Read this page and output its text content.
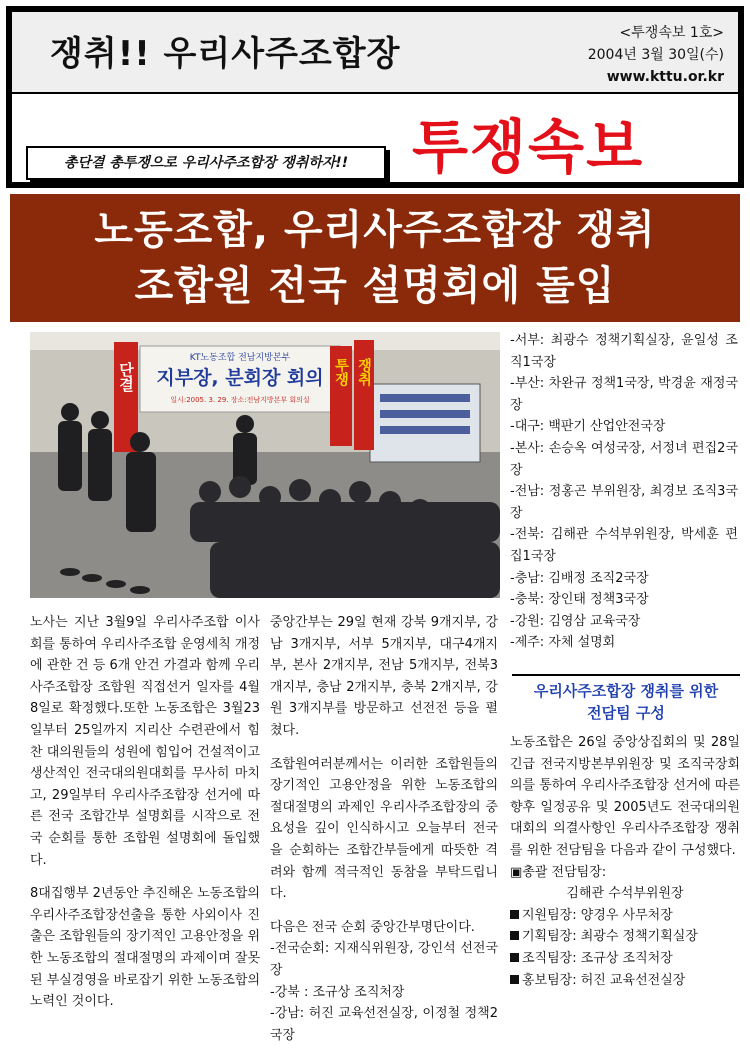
쟁취!! 우리사주조합장
<투쟁속보 1호>
2004년 3월 30일(수)
www.kttu.or.kr
투쟁속보
총단결 총투쟁으로 우리사주조합장 쟁취하자!!
노동조합, 우리사주조합장 쟁취
조합원 전국 설명회에 돌입
KT노동조합 전남지방본부
지부장, 분회장 회의
일시:2005. 3. 29. 장소:전남지방본부 회의실
단결	투쟁 쟁취

노사는 지난 3월9일 우리사주조합 이사회를 통하여 우리사주조합 운영세칙 개정에 관한 건 등 6개 안건 가결과 함께 우리사주조합장 조합원 직접선거 일자를 4월 8일로 확정했다.또한 노동조합은 3월23일부터 25일까지 지리산 수련관에서 힘찬 대의원들의 성원에 힘입어 건설적이고 생산적인 전국대의원대회를 무사히 마치고, 29일부터 우리사주조합장 선거에 따른 전국 조합간부 설명회를 시작으로 전국 순회를 통한 조합원 설명회에 돌입했다.

8대집행부 2년동안 추진해온 노동조합의 우리사주조합장선출을 통한 사외이사 진출은 조합원들의 장기적인 고용안정을 위한 노동조합의 절대절명의 과제이며 잘못된 부실경영을 바로잡기 위한 노동조합의 노력인 것이다.

중앙간부는 29일 현재 강북 9개지부, 강남 3개지부, 서부 5개지부, 대구4개지부, 본사 2개지부, 전남 5개지부, 전북3개지부, 충남 2개지부, 충북 2개지부, 강원 3개지부를 방문하고 선전전 등을 펼쳤다.

조합원여러분께서는 이러한 조합원들의 장기적인 고용안정을 위한 노동조합의 절대절명의 과제인 우리사주조합장의 중요성을 깊이 인식하시고 오늘부터 전국을 순회하는 조합간부들에게 따뜻한 격려와 함께 적극적인 동참을 부탁드립니다.

다음은 전국 순회 중앙간부명단이다.
-전국순회: 지재식위원장, 강인석 선전국장
-강북 : 조규상 조직처장
-강남: 허진 교육선전실장, 이정철 정책2국장
-서부: 최광수 정책기획실장, 윤일성 조직1국장
-부산: 차완규 정책1국장, 박경윤 재정국장
-대구: 백판기 산업안전국장
-본사: 손승옥 여성국장, 서정녀 편집2국장
-전남: 정홍곤 부위원장, 최경보 조직3국장
-전북: 김해관 수석부위원장, 박세훈 편집1국장
-충남: 김배정 조직2국장
-충북: 장인태 정책3국장
-강원: 김영삼 교육국장
-제주: 자체 설명회
우리사주조합장 쟁취를 위한
전담팀 구성
노동조합은 26일 중앙상집회의 및 28일 긴급 전국지방본부위원장 및 조직국장회의를 통하여 우리사주조합장 선거에 따른 향후 일정공유 및 2005년도 전국대의원대회의 의결사항인 우리사주조합장 쟁취를 위한 전담팀을 다음과 같이 구성했다.
▣총괄 전담팀장:
김해관 수석부위원장
지원팀장: 양경우 사무처장
기획팀장: 최광수 정책기획실장
조직팀장: 조규상 조직처장
홍보팀장: 허진 교육선전실장
